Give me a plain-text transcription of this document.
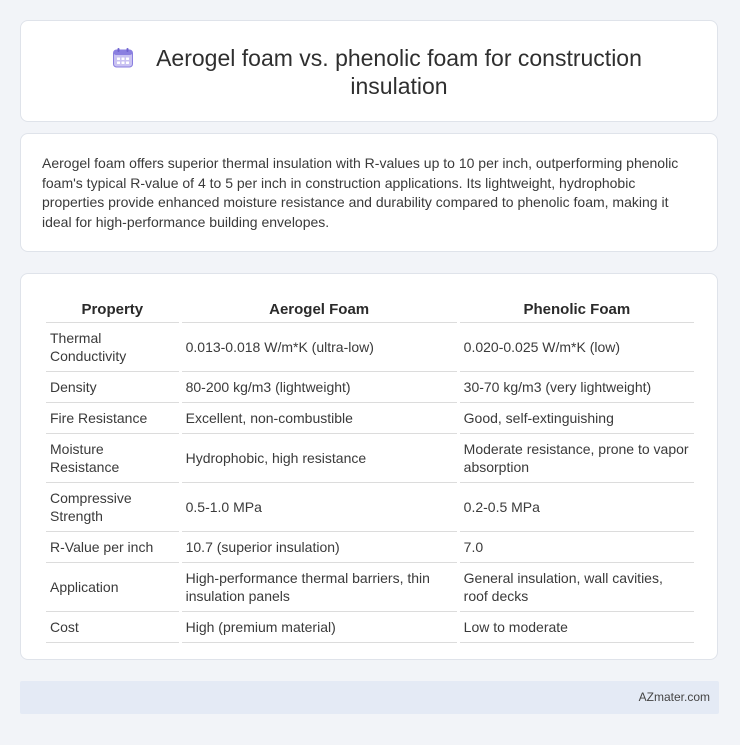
Aerogel foam vs. phenolic foam for construction insulation
Aerogel foam offers superior thermal insulation with R-values up to 10 per inch, outperforming phenolic foam's typical R-value of 4 to 5 per inch in construction applications. Its lightweight, hydrophobic properties provide enhanced moisture resistance and durability compared to phenolic foam, making it ideal for high-performance building envelopes.
Property	Aerogel Foam	Phenolic Foam
Thermal Conductivity	0.013-0.018 W/m*K (ultra-low)	0.020-0.025 W/m*K (low)
Density	80-200 kg/m3 (lightweight)	30-70 kg/m3 (very lightweight)
Fire Resistance	Excellent, non-combustible	Good, self-extinguishing
Moisture Resistance	Hydrophobic, high resistance	Moderate resistance, prone to vapor absorption
Compressive Strength	0.5-1.0 MPa	0.2-0.5 MPa
R-Value per inch	10.7 (superior insulation)	7.0
Application	High-performance thermal barriers, thin insulation panels	General insulation, wall cavities, roof decks
Cost	High (premium material)	Low to moderate
AZmater.com
